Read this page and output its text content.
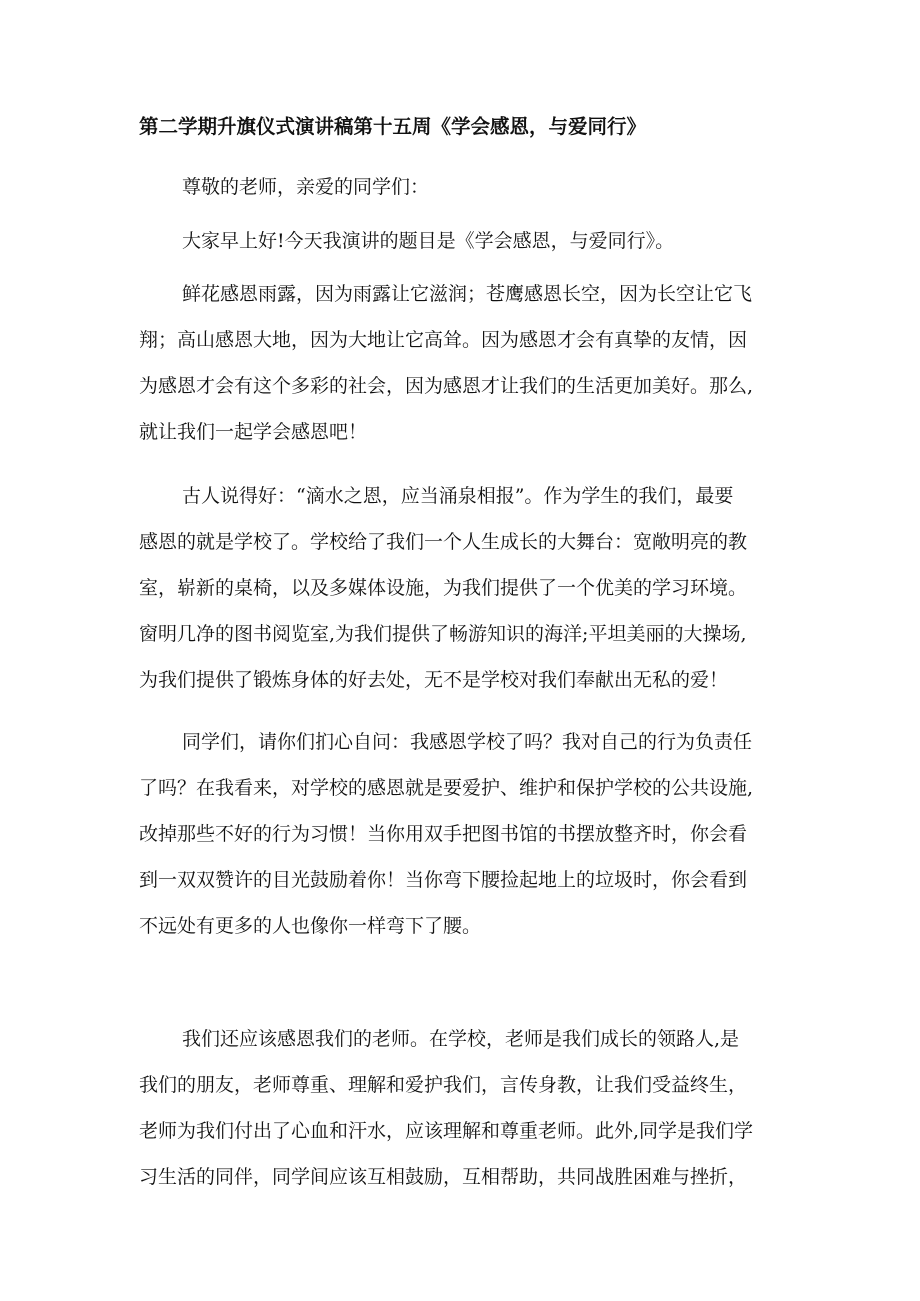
第二学期升旗仪式演讲稿第十五周《学会感恩，与爱同行》

尊敬的老师，亲爱的同学们：

大家早上好!今天我演讲的题目是《学会感恩，与爱同行》。

鲜花感恩雨露，因为雨露让它滋润；苍鹰感恩长空，因为长空让它飞
翔；高山感恩大地，因为大地让它高耸。因为感恩才会有真挚的友情，因
为感恩才会有这个多彩的社会，因为感恩才让我们的生活更加美好。那么,
就让我们一起学会感恩吧！

古人说得好：“滴水之恩，应当涌泉相报”。作为学生的我们，最要
感恩的就是学校了。学校给了我们一个人生成长的大舞台：宽敞明亮的教
室，崭新的桌椅，以及多媒体设施，为我们提供了一个优美的学习环境。
窗明几净的图书阅览室,为我们提供了畅游知识的海洋;平坦美丽的大操场,
为我们提供了锻炼身体的好去处，无不是学校对我们奉献出无私的爱！

同学们，请你们扪心自问：我感恩学校了吗？我对自己的行为负责任
了吗？在我看来，对学校的感恩就是要爱护、维护和保护学校的公共设施,
改掉那些不好的行为习惯！当你用双手把图书馆的书摆放整齐时，你会看
到一双双赞许的目光鼓励着你！当你弯下腰捡起地上的垃圾时，你会看到
不远处有更多的人也像你一样弯下了腰。

我们还应该感恩我们的老师。在学校，老师是我们成长的领路人,是
我们的朋友，老师尊重、理解和爱护我们，言传身教，让我们受益终生，
老师为我们付出了心血和汗水，应该理解和尊重老师。此外,同学是我们学
习生活的同伴，同学间应该互相鼓励，互相帮助，共同战胜困难与挫折，
